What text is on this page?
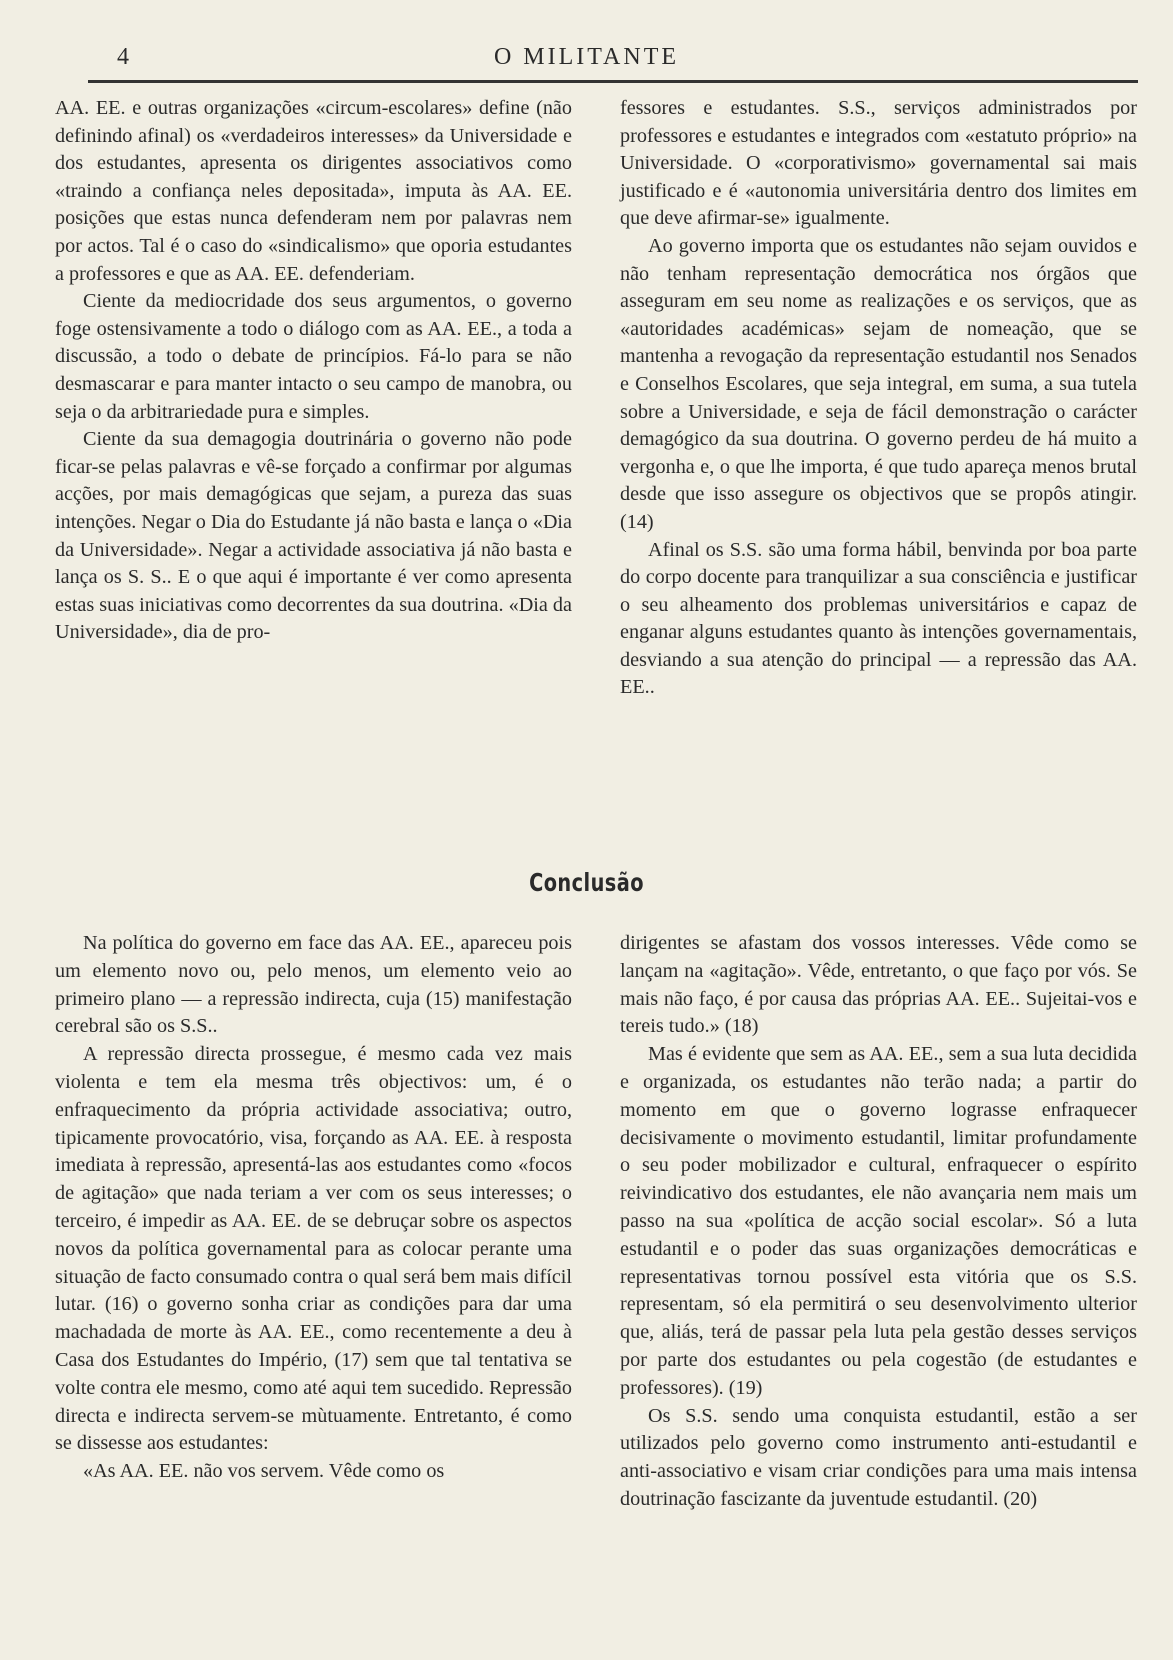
4	O MILITANTE

AA. EE. e outras organizações «circum-escolares» define (não definindo afinal) os «verdadeiros interesses» da Universidade e dos estudantes, apresenta os dirigentes associativos como «traindo a confiança neles depositada», imputa às AA. EE. posições que estas nunca defenderam nem por palavras nem por actos. Tal é o caso do «sindicalismo» que oporia estudantes a professores e que as AA. EE. defenderiam.

Ciente da mediocridade dos seus argumentos, o governo foge ostensivamente a todo o diálogo com as AA. EE., a toda a discussão, a todo o debate de princípios. Fá-lo para se não desmascarar e para manter intacto o seu campo de manobra, ou seja o da arbitrariedade pura e simples.

Ciente da sua demagogia doutrinária o governo não pode ficar-se pelas palavras e vê-se forçado a confirmar por algumas acções, por mais demagógicas que sejam, a pureza das suas intenções. Negar o Dia do Estudante já não basta e lança o «Dia da Universidade». Negar a actividade associativa já não basta e lança os S. S.. E o que aqui é importante é ver como apresenta estas suas iniciativas como decorrentes da sua doutrina. «Dia da Universidade», dia de pro-

fessores e estudantes. S.S., serviços administrados por professores e estudantes e integrados com «estatuto próprio» na Universidade. O «corporativismo» governamental sai mais justificado e é «autonomia universitária dentro dos limites em que deve afirmar-se» igualmente.

Ao governo importa que os estudantes não sejam ouvidos e não tenham representação democrática nos órgãos que asseguram em seu nome as realizações e os serviços, que as «autoridades académicas» sejam de nomeação, que se mantenha a revogação da representação estudantil nos Senados e Conselhos Escolares, que seja integral, em suma, a sua tutela sobre a Universidade, e seja de fácil demonstração o carácter demagógico da sua doutrina. O governo perdeu de há muito a vergonha e, o que lhe importa, é que tudo apareça menos brutal desde que isso assegure os objectivos que se propôs atingir. (14)

Afinal os S.S. são uma forma hábil, benvinda por boa parte do corpo docente para tranquilizar a sua consciência e justificar o seu alheamento dos problemas universitários e capaz de enganar alguns estudantes quanto às intenções governamentais, desviando a sua atenção do principal — a repressão das AA. EE..

Conclusão

Na política do governo em face das AA. EE., apareceu pois um elemento novo ou, pelo menos, um elemento veio ao primeiro plano — a repressão indirecta, cuja (15) manifestação cerebral são os S.S..

A repressão directa prossegue, é mesmo cada vez mais violenta e tem ela mesma três objectivos: um, é o enfraquecimento da própria actividade associativa; outro, tipicamente provocatório, visa, forçando as AA. EE. à resposta imediata à repressão, apresentá-las aos estudantes como «focos de agitação» que nada teriam a ver com os seus interesses; o terceiro, é impedir as AA. EE. de se debruçar sobre os aspectos novos da política governamental para as colocar perante uma situação de facto consumado contra o qual será bem mais difícil lutar. (16) o governo sonha criar as condições para dar uma machadada de morte às AA. EE., como recentemente a deu à Casa dos Estudantes do Império, (17) sem que tal tentativa se volte contra ele mesmo, como até aqui tem sucedido. Repressão directa e indirecta servem-se mùtuamente. Entretanto, é como se dissesse aos estudantes:

«As AA. EE. não vos servem. Vêde como os

dirigentes se afastam dos vossos interesses. Vêde como se lançam na «agitação». Vêde, entretanto, o que faço por vós. Se mais não faço, é por causa das próprias AA. EE.. Sujeitai-vos e tereis tudo.» (18)

Mas é evidente que sem as AA. EE., sem a sua luta decidida e organizada, os estudantes não terão nada; a partir do momento em que o governo lograsse enfraquecer decisivamente o movimento estudantil, limitar profundamente o seu poder mobilizador e cultural, enfraquecer o espírito reivindicativo dos estudantes, ele não avançaria nem mais um passo na sua «política de acção social escolar». Só a luta estudantil e o poder das suas organizações democráticas e representativas tornou possível esta vitória que os S.S. representam, só ela permitirá o seu desenvolvimento ulterior que, aliás, terá de passar pela luta pela gestão desses serviços por parte dos estudantes ou pela cogestão (de estudantes e professores). (19)

Os S.S. sendo uma conquista estudantil, estão a ser utilizados pelo governo como instrumento anti-estudantil e anti-associativo e visam criar condições para uma mais intensa doutrinação fascizante da juventude estudantil. (20)
